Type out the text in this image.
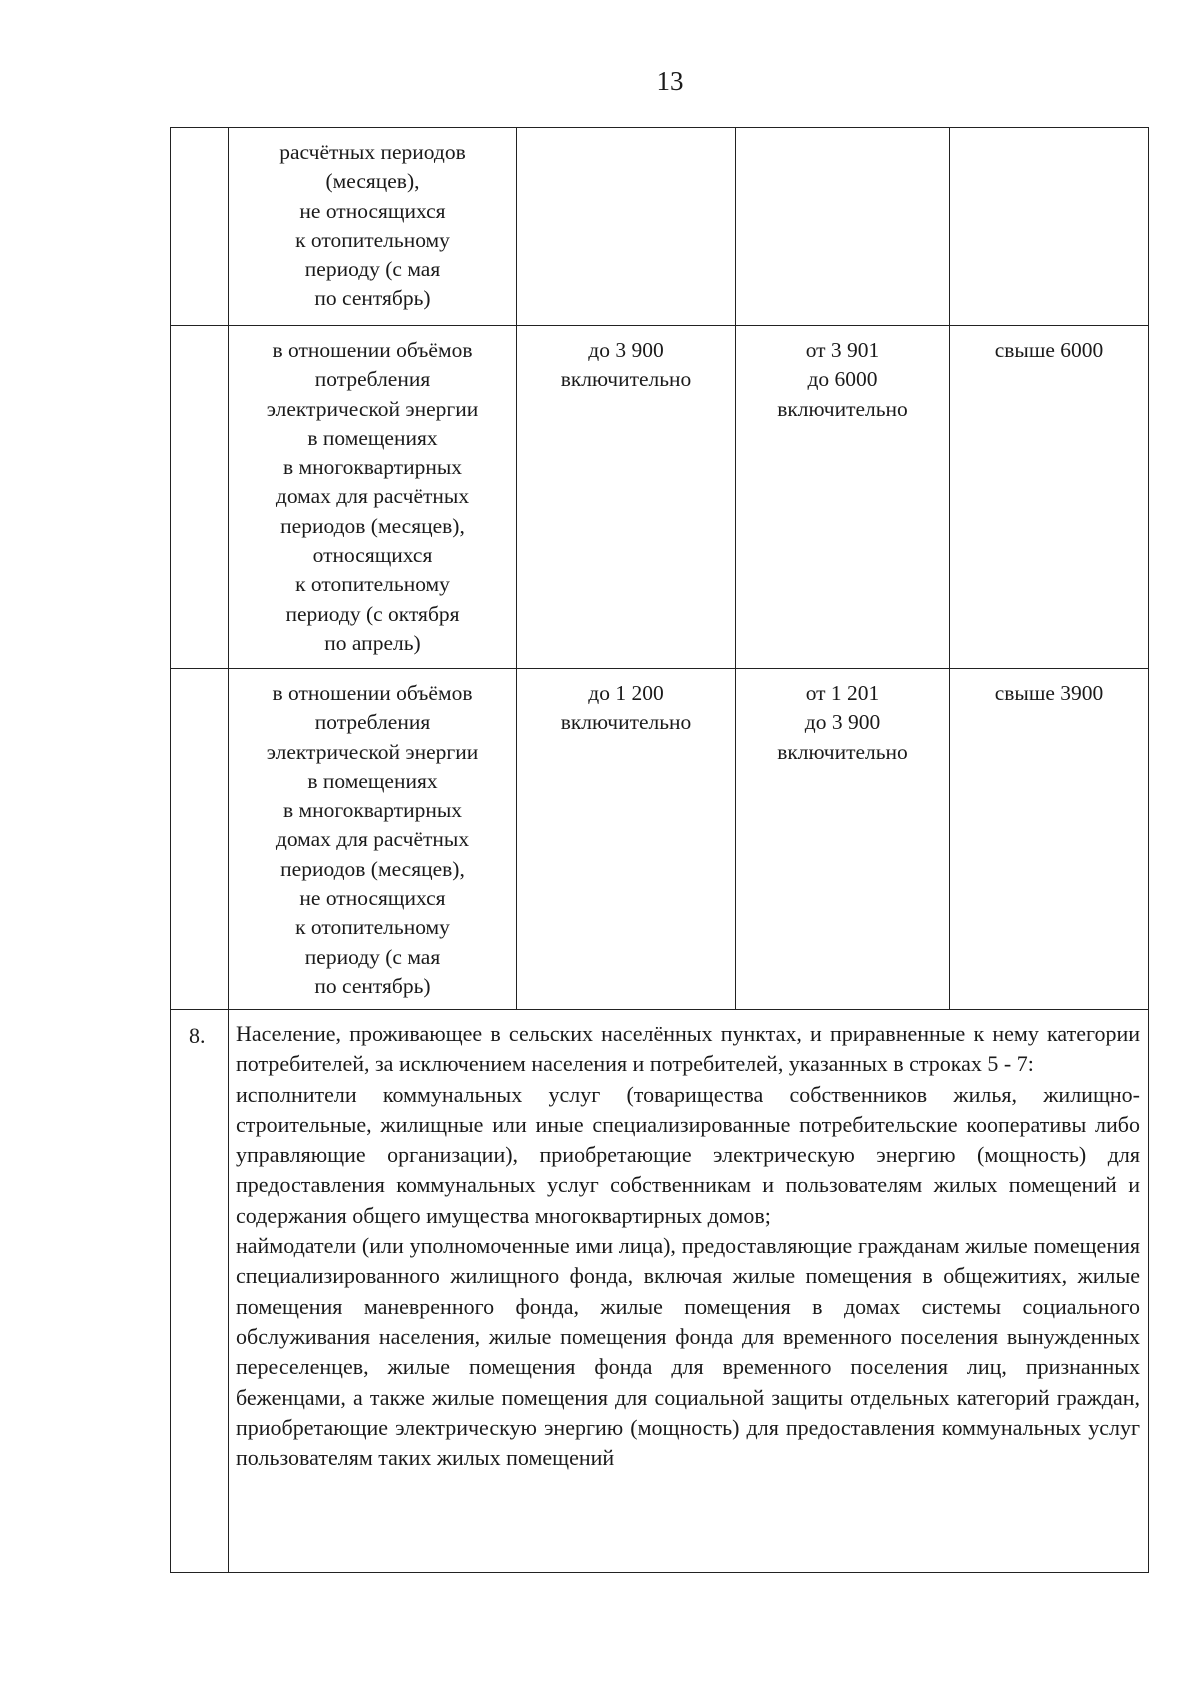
13
расчётных периодов
(месяцев),
не относящихся
к отопительному
периоду (с мая
по сентябрь)
в отношении объёмов
потребления
электрической энергии
в помещениях
в многоквартирных
домах для расчётных
периодов (месяцев),
относящихся
к отопительному
периоду (с октября
по апрель)
до 3 900
включительно
от 3 901
до 6000
включительно
свыше 6000
в отношении объёмов
потребления
электрической энергии
в помещениях
в многоквартирных
домах для расчётных
периодов (месяцев),
не относящихся
к отопительному
периоду (с мая
по сентябрь)
до 1 200
включительно
от 1 201
до 3 900
включительно
свыше 3900
8.	Население, проживающее в сельских населённых пунктах, и приравненные к нему категории потребителей, за исключением населения и потребителей, указанных в строках 5 - 7:
исполнители коммунальных услуг (товарищества собственников жилья, жилищно-строительные, жилищные или иные специализированные потребительские кооперативы либо управляющие организации), приобретающие электрическую энергию (мощность) для предоставления коммунальных услуг собственникам и пользователям жилых помещений и содержания общего имущества многоквартирных домов;
наймодатели (или уполномоченные ими лица), предоставляющие гражданам жилые помещения специализированного жилищного фонда, включая жилые помещения в общежитиях, жилые помещения маневренного фонда, жилые помещения в домах системы социального обслуживания населения, жилые помещения фонда для временного поселения вынужденных переселенцев, жилые помещения фонда для временного поселения лиц, признанных беженцами, а также жилые помещения для социальной защиты отдельных категорий граждан, приобретающие электрическую энергию (мощность) для предоставления коммунальных услуг пользователям таких жилых помещений
